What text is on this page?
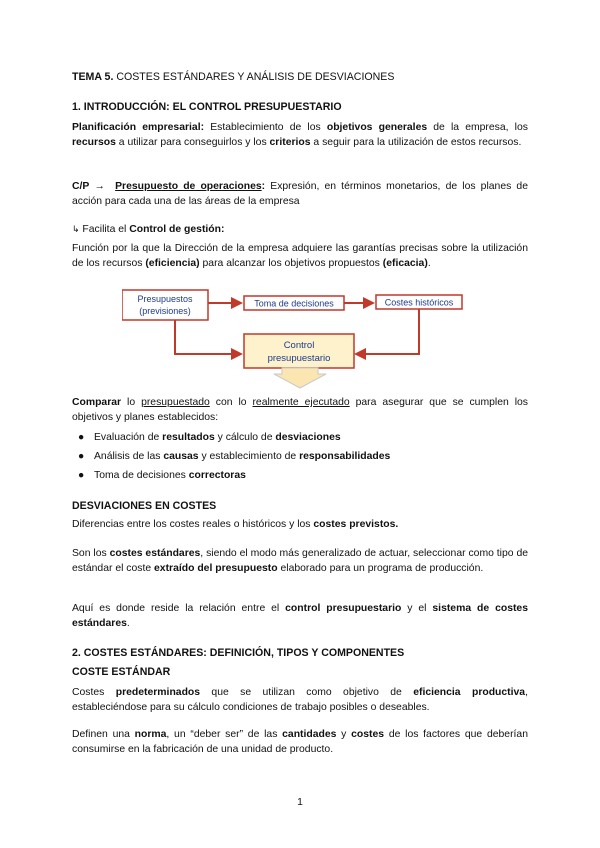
TEMA 5. COSTES ESTÁNDARES Y ANÁLISIS DE DESVIACIONES

1. INTRODUCCIÓN: EL CONTROL PRESUPUESTARIO

Planificación empresarial: Establecimiento de los objetivos generales de la empresa, los recursos a utilizar para conseguirlos y los criterios a seguir para la utilización de estos recursos.

C/P → Presupuesto de operaciones: Expresión, en términos monetarios, de los planes de acción para cada una de las áreas de la empresa

↳ Facilita el Control de gestión:

Función por la que la Dirección de la empresa adquiere las garantías precisas sobre la utilización de los recursos (eficiencia) para alcanzar los objetivos propuestos (eficacia).

Presupuestos
(previsiones)
Toma de decisiones	Costes históricos
Control
presupuestario

Comparar lo presupuestado con lo realmente ejecutado para asegurar que se cumplen los objetivos y planes establecidos:

● Evaluación de resultados y cálculo de desviaciones
● Análisis de las causas y establecimiento de responsabilidades
● Toma de decisiones correctoras

DESVIACIONES EN COSTES

Diferencias entre los costes reales o históricos y los costes previstos.

Son los costes estándares, siendo el modo más generalizado de actuar, seleccionar como tipo de estándar el coste extraído del presupuesto elaborado para un programa de producción.

Aquí es donde reside la relación entre el control presupuestario y el sistema de costes estándares.

2. COSTES ESTÁNDARES: DEFINICIÓN, TIPOS Y COMPONENTES

COSTE ESTÁNDAR

Costes predeterminados que se utilizan como objetivo de eficiencia productiva, estableciéndose para su cálculo condiciones de trabajo posibles o deseables.

Definen una norma, un “deber ser” de las cantidades y costes de los factores que deberían consumirse en la fabricación de una unidad de producto.

1
